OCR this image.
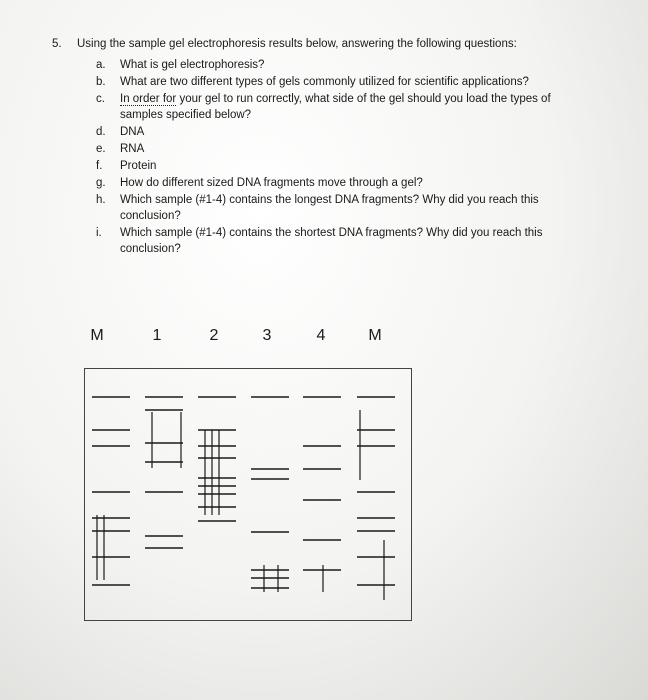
5. Using the sample gel electrophoresis results below, answering the following questions:
a.	What is gel electrophoresis?
b.	What are two different types of gels commonly utilized for scientific applications?
c.	In order for your gel to run correctly, what side of the gel should you load the types of samples specified below?
d.	DNA
e.	RNA
f.	Protein
g.	How do different sized DNA fragments move through a gel?
h.	Which sample (#1-4) contains the longest DNA fragments? Why did you reach this conclusion?
i.	Which sample (#1-4) contains the shortest DNA fragments? Why did you reach this conclusion?
M	1	2	3	4	M
